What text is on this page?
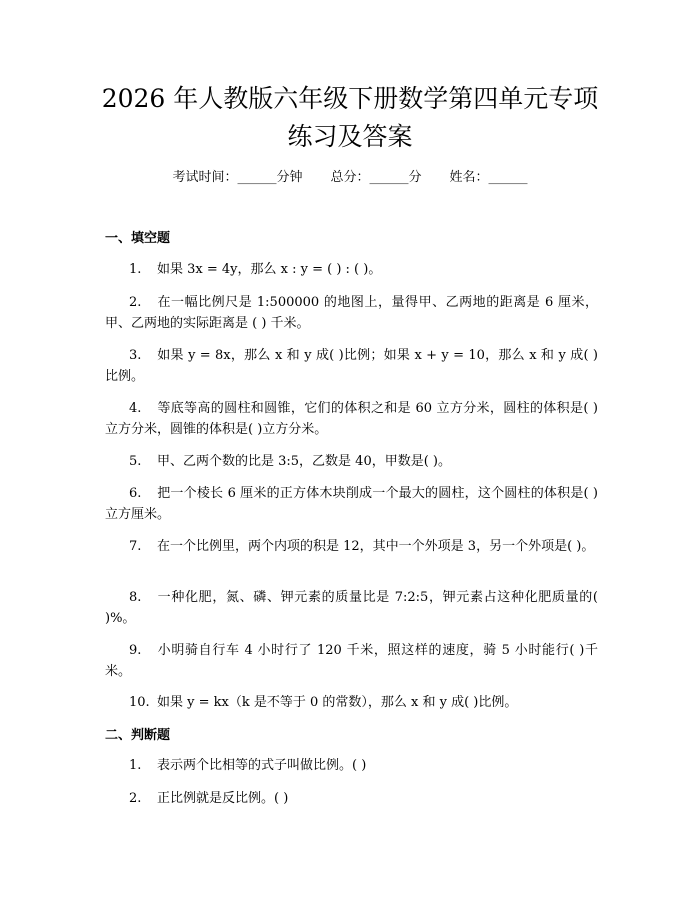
2026 年人教版六年级下册数学第四单元专项
练习及答案
考试时间：______分钟 总分：______分 姓名：______
一、填空题
1. 如果 3x = 4y，那么 x : y = ( ) : ( )。
2. 在一幅比例尺是 1:500000 的地图上，量得甲、乙两地的距离是 6 厘米，甲、乙两地的实际距离是 ( ) 千米。
3. 如果 y = 8x，那么 x 和 y 成( )比例；如果 x + y = 10，那么 x 和 y 成( )比例。
4. 等底等高的圆柱和圆锥，它们的体积之和是 60 立方分米，圆柱的体积是( )立方分米，圆锥的体积是( )立方分米。
5. 甲、乙两个数的比是 3:5，乙数是 40，甲数是( )。
6. 把一个棱长 6 厘米的正方体木块削成一个最大的圆柱，这个圆柱的体积是( )立方厘米。
7. 在一个比例里，两个内项的积是 12，其中一个外项是 3，另一个外项是( )。
8. 一种化肥，氮、磷、钾元素的质量比是 7:2:5，钾元素占这种化肥质量的( )%。
9. 小明骑自行车 4 小时行了 120 千米，照这样的速度，骑 5 小时能行( )千米。
10. 如果 y = kx（k 是不等于 0 的常数），那么 x 和 y 成( )比例。
二、判断题
1. 表示两个比相等的式子叫做比例。( )
2. 正比例就是反比例。( )
